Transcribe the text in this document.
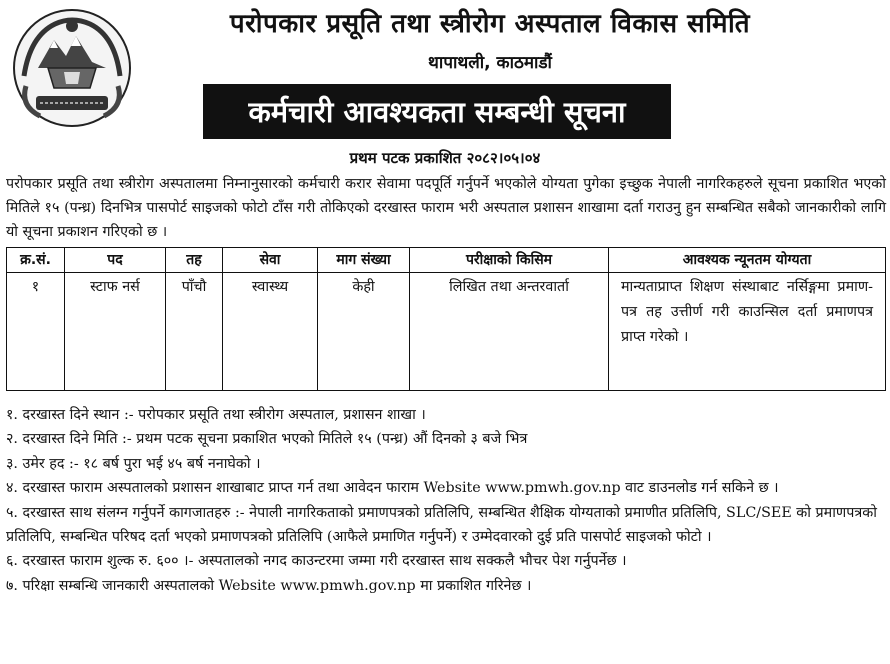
परोपकार प्रसूति तथा स्त्रीरोग अस्पताल विकास समिति
थापाथली, काठमाडौं
कर्मचारी आवश्यकता सम्बन्धी सूचना
प्रथम पटक प्रकाशित २०८२।०५।०४
परोपकार प्रसूति तथा स्त्रीरोग अस्पतालमा निम्नानुसारको कर्मचारी करार सेवामा पदपूर्ति गर्नुपर्ने भएकोले योग्यता पुगेका इच्छुक नेपाली नागरिकहरुले सूचना प्रकाशित भएको मितिले १५ (पन्ध्र) दिनभित्र पासपोर्ट साइजको फोटो टाँस गरी तोकिएको दरखास्त फाराम भरी अस्पताल प्रशासन शाखामा दर्ता गराउनु हुन सम्बन्धित सबैको जानकारीको लागि यो सूचना प्रकाशन गरिएको छ ।
क्र.सं.	पद	तह	सेवा	माग संख्या	परीक्षाको किसिम	आवश्यक न्यूनतम योग्यता
१	स्टाफ नर्स	पाँचौ	स्वास्थ्य	केही	लिखित तथा अन्तरवार्ता	मान्यताप्राप्त शिक्षण संस्थाबाट नर्सिङ्गमा प्रमाण-पत्र तह उत्तीर्ण गरी काउन्सिल दर्ता प्रमाणपत्र प्राप्त गरेको ।
१. दरखास्त दिने स्थान :- परोपकार प्रसूति तथा स्त्रीरोग अस्पताल, प्रशासन शाखा ।
२. दरखास्त दिने मिति :- प्रथम पटक सूचना प्रकाशित भएको मितिले १५ (पन्ध्र) औं दिनको ३ बजे भित्र
३. उमेर हद :- १८ बर्ष पुरा भई ४५ बर्ष ननाघेको ।
४. दरखास्त फाराम अस्पतालको प्रशासन शाखाबाट प्राप्त गर्न तथा आवेदन फाराम Website www.pmwh.gov.np वाट डाउनलोड गर्न सकिने छ ।
५. दरखास्त साथ संलग्न गर्नुपर्ने कागजातहरु :- नेपाली नागरिकताको प्रमाणपत्रको प्रतिलिपि, सम्बन्धित शैक्षिक योग्यताको प्रमाणीत प्रतिलिपि, SLC/SEE को प्रमाणपत्रको प्रतिलिपि, सम्बन्धित परिषद दर्ता भएको प्रमाणपत्रको प्रतिलिपि (आफैले प्रमाणित गर्नुपर्ने) र उम्मेदवारको दुई प्रति पासपोर्ट साइजको फोटो ।
६. दरखास्त फाराम शुल्क रु. ६०० ।- अस्पतालको नगद काउन्टरमा जम्मा गरी दरखास्त साथ सक्कलै भौचर पेश गर्नुपर्नेछ ।
७. परिक्षा सम्बन्धि जानकारी अस्पतालको Website www.pmwh.gov.np मा प्रकाशित गरिनेछ ।
